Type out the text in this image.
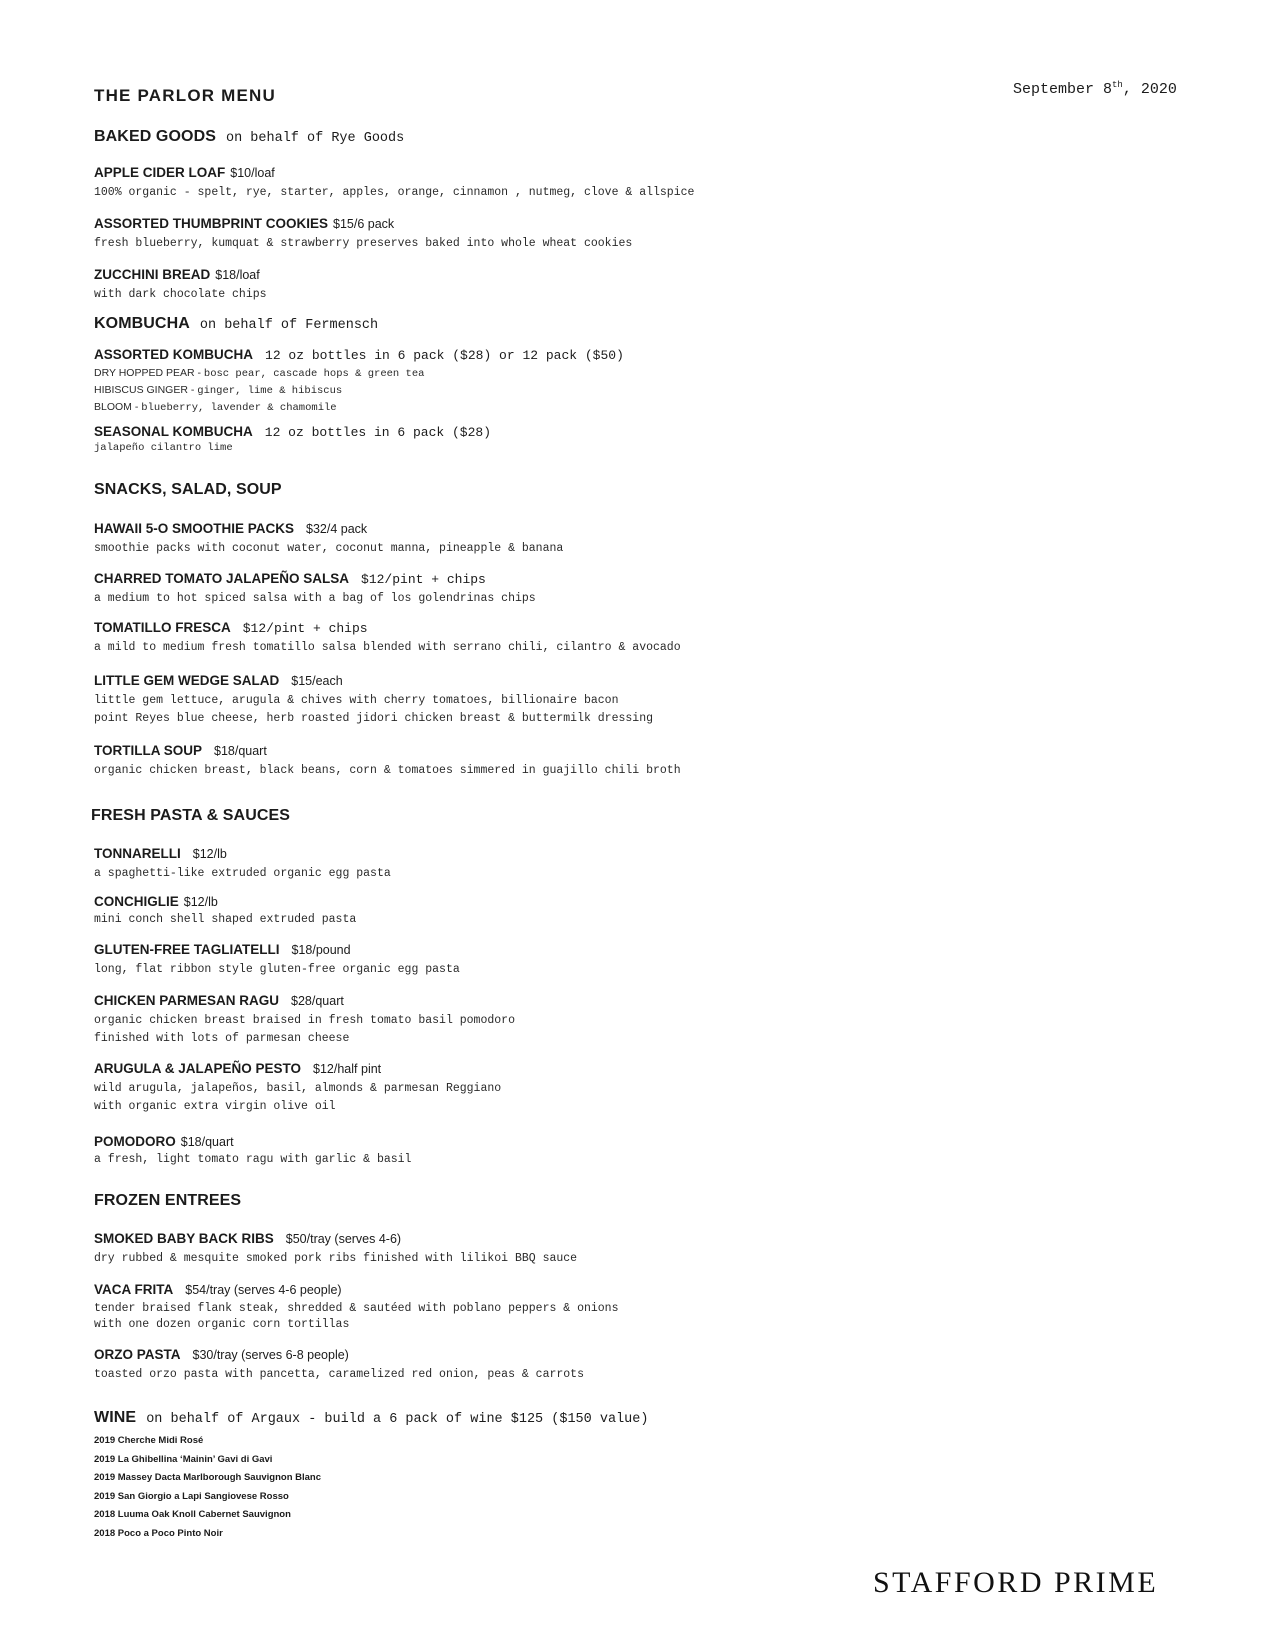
THE PARLOR MENU	September 8th, 2020
BAKED GOODS on behalf of Rye Goods
APPLE CIDER LOAF $10/loaf
100% organic - spelt, rye, starter, apples, orange, cinnamon , nutmeg, clove & allspice
ASSORTED THUMBPRINT COOKIES $15/6 pack
fresh blueberry, kumquat & strawberry preserves baked into whole wheat cookies
ZUCCHINI BREAD $18/loaf
with dark chocolate chips
KOMBUCHA on behalf of Fermensch
ASSORTED KOMBUCHA 12 oz bottles in 6 pack ($28) or 12 pack ($50)
DRY HOPPED PEAR - bosc pear, cascade hops & green tea
HIBISCUS GINGER - ginger, lime & hibiscus
BLOOM - blueberry, lavender & chamomile
SEASONAL KOMBUCHA 12 oz bottles in 6 pack ($28)
jalapeño cilantro lime
SNACKS, SALAD, SOUP
HAWAII 5-O SMOOTHIE PACKS $32/4 pack
smoothie packs with coconut water, coconut manna, pineapple & banana
CHARRED TOMATO JALAPEÑO SALSA $12/pint + chips
a medium to hot spiced salsa with a bag of los golendrinas chips
TOMATILLO FRESCA $12/pint + chips
a mild to medium fresh tomatillo salsa blended with serrano chili, cilantro & avocado
LITTLE GEM WEDGE SALAD $15/each
little gem lettuce, arugula & chives with cherry tomatoes, billionaire bacon
point Reyes blue cheese, herb roasted jidori chicken breast & buttermilk dressing
TORTILLA SOUP $18/quart
organic chicken breast, black beans, corn & tomatoes simmered in guajillo chili broth
FRESH PASTA & SAUCES
TONNARELLI $12/lb
a spaghetti-like extruded organic egg pasta
CONCHIGLIE $12/lb
mini conch shell shaped extruded pasta
GLUTEN-FREE TAGLIATELLI $18/pound
long, flat ribbon style gluten-free organic egg pasta
CHICKEN PARMESAN RAGU $28/quart
organic chicken breast braised in fresh tomato basil pomodoro
finished with lots of parmesan cheese
ARUGULA & JALAPEÑO PESTO $12/half pint
wild arugula, jalapeños, basil, almonds & parmesan Reggiano
with organic extra virgin olive oil
POMODORO $18/quart
a fresh, light tomato ragu with garlic & basil
FROZEN ENTREES
SMOKED BABY BACK RIBS $50/tray (serves 4-6)
dry rubbed & mesquite smoked pork ribs finished with lilikoi BBQ sauce
VACA FRITA $54/tray (serves 4-6 people)
tender braised flank steak, shredded & sautéed with poblano peppers & onions
with one dozen organic corn tortillas
ORZO PASTA $30/tray (serves 6-8 people)
toasted orzo pasta with pancetta, caramelized red onion, peas & carrots
WINE on behalf of Argaux - build a 6 pack of wine $125 ($150 value)
2019 Cherche Midi Rosé
2019 La Ghibellina ‘Mainin’ Gavi di Gavi
2019 Massey Dacta Marlborough Sauvignon Blanc
2019 San Giorgio a Lapi Sangiovese Rosso
2018 Luuma Oak Knoll Cabernet Sauvignon
2018 Poco a Poco Pinto Noir
STAFFORD PRIME
